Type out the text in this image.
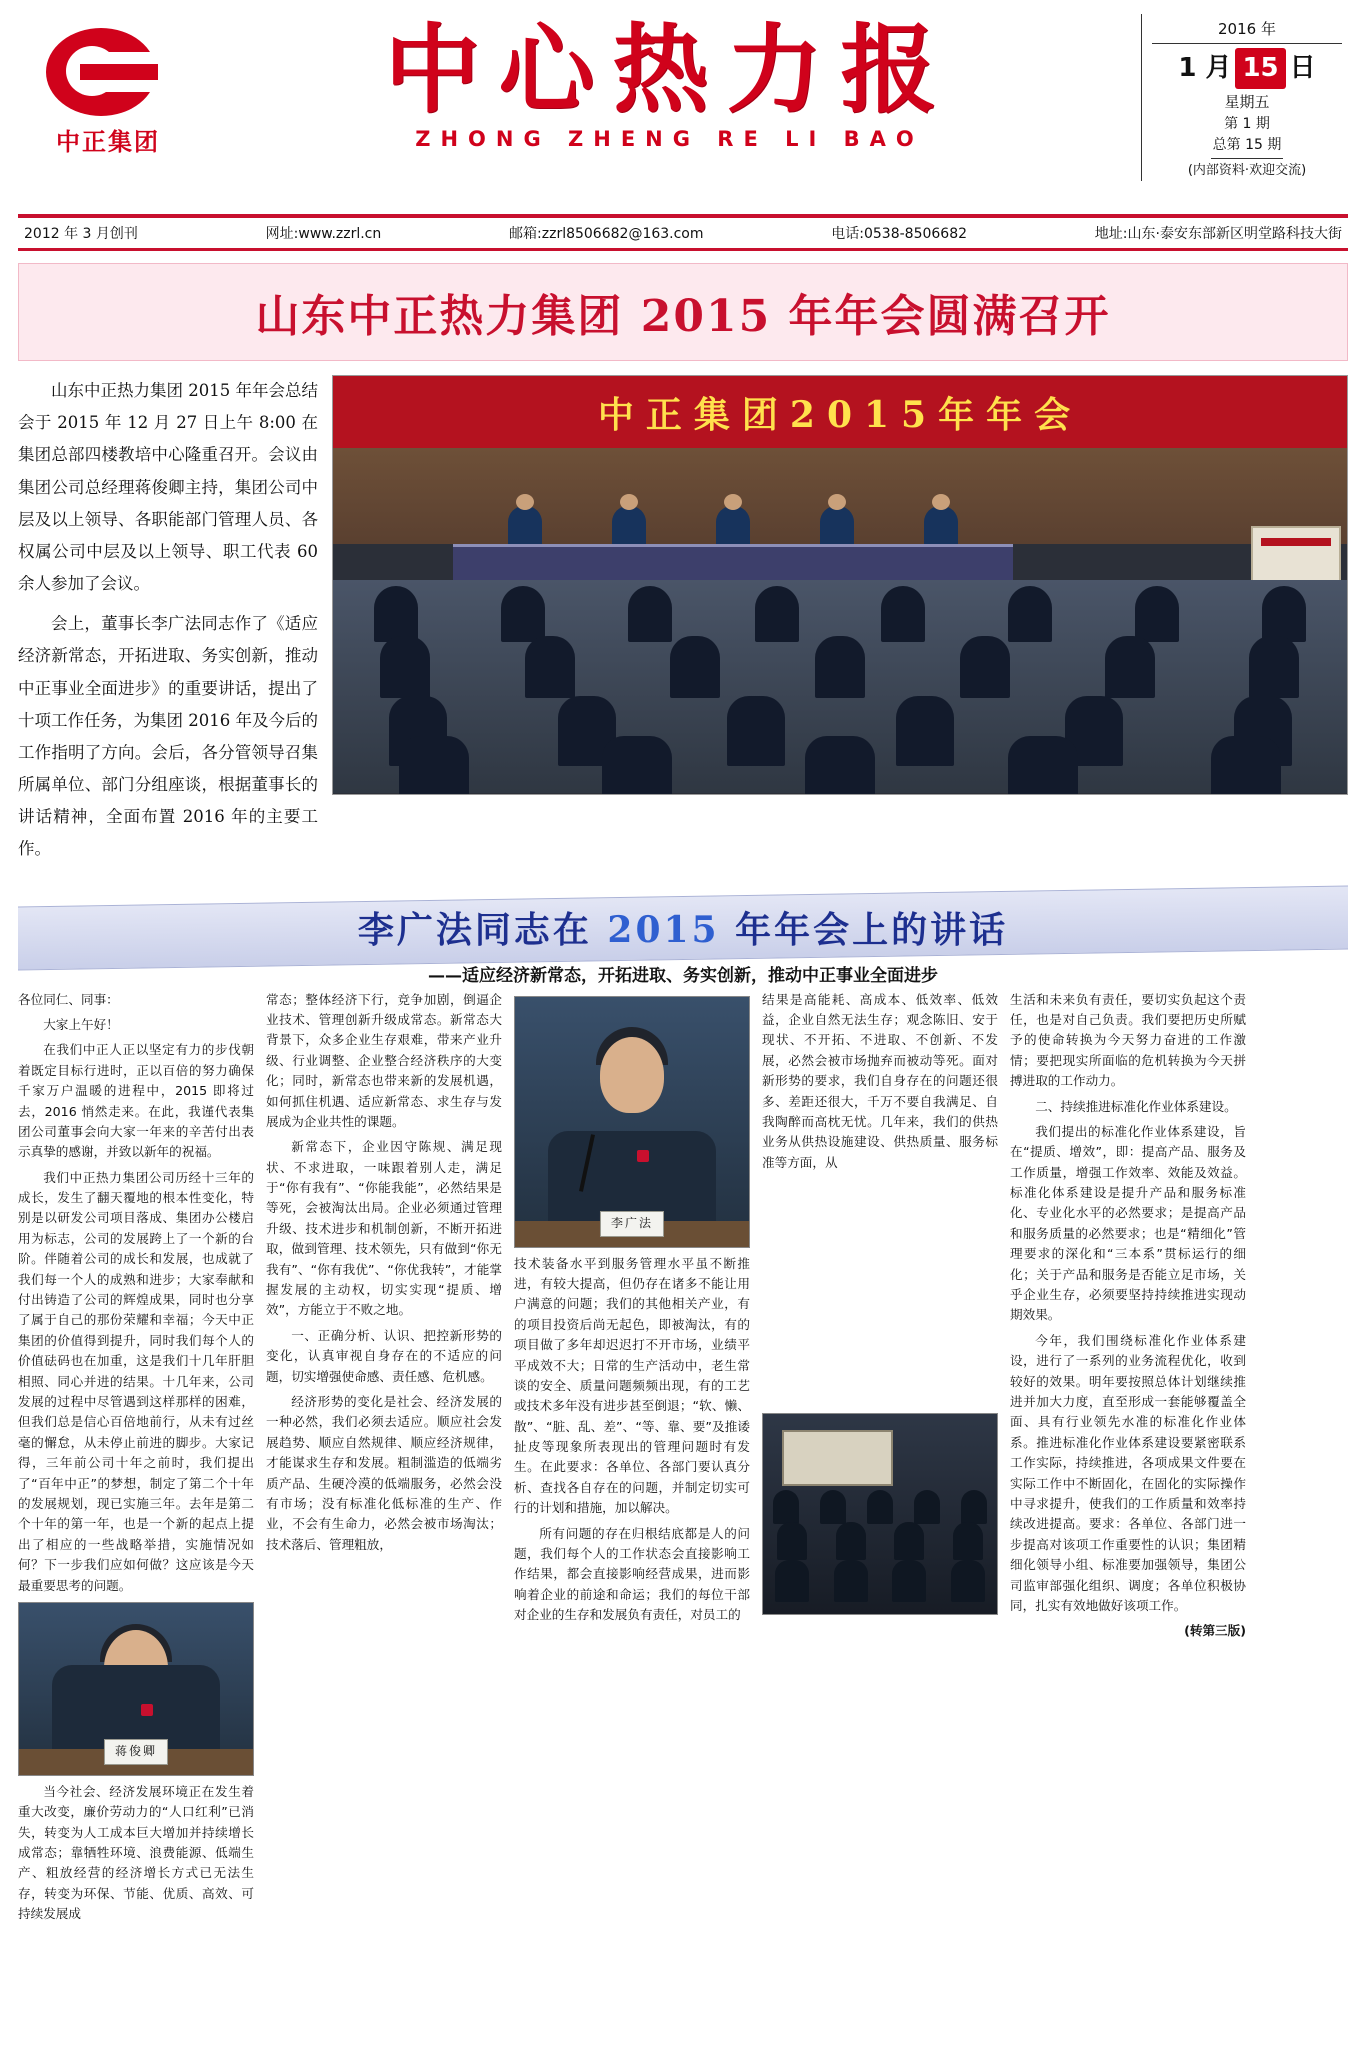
中正集团
中心热力报
ZHONG ZHENG RE LI BAO
2016 年
1 月 15 日
星期五
第 1 期
总第 15 期
(内部资料·欢迎交流)
2012 年 3 月创刊	网址:www.zzrl.cn	邮箱:zzrl8506682@163.com	电话:0538-8506682	地址:山东·泰安东部新区明堂路科技大街
山东中正热力集团 2015 年年会圆满召开

山东中正热力集团 2015 年年会总结会于 2015 年 12 月 27 日上午 8:00 在集团总部四楼教培中心隆重召开。会议由集团公司总经理蒋俊卿主持，集团公司中层及以上领导、各职能部门管理人员、各权属公司中层及以上领导、职工代表 60 余人参加了会议。

会上，董事长李广法同志作了《适应经济新常态，开拓进取、务实创新，推动中正事业全面进步》的重要讲话，提出了十项工作任务，为集团 2016 年及今后的工作指明了方向。会后，各分管领导召集所属单位、部门分组座谈，根据董事长的讲话精神，全面布置 2016 年的主要工作。

中正集团2015年年会
李广法同志在 2015 年年会上的讲话
——适应经济新常态，开拓进取、务实创新，推动中正事业全面进步

各位同仁、同事：

大家上午好！

在我们中正人正以坚定有力的步伐朝着既定目标行进时，正以百倍的努力确保千家万户温暖的进程中，2015 即将过去，2016 悄然走来。在此，我谨代表集团公司董事会向大家一年来的辛苦付出表示真挚的感谢，并致以新年的祝福。

我们中正热力集团公司历经十三年的成长，发生了翻天覆地的根本性变化，特别是以研发公司项目落成、集团办公楼启用为标志，公司的发展跨上了一个新的台阶。伴随着公司的成长和发展，也成就了我们每一个人的成熟和进步；大家奉献和付出铸造了公司的辉煌成果，同时也分享了属于自己的那份荣耀和幸福；今天中正集团的价值得到提升，同时我们每个人的价值砝码也在加重，这是我们十几年肝胆相照、同心并进的结果。十几年来，公司发展的过程中尽管遇到这样那样的困难，但我们总是信心百倍地前行，从未有过丝毫的懈怠，从未停止前进的脚步。大家记得，三年前公司十年之前时，我们提出了“百年中正”的梦想，制定了第二个十年的发展规划，现已实施三年。去年是第二个十年的第一年，也是一个新的起点上提出了相应的一些战略举措，实施情况如何？下一步我们应如何做？这应该是今天最重要思考的问题。

蒋俊卿

当今社会、经济发展环境正在发生着重大改变，廉价劳动力的“人口红利”已消失，转变为人工成本巨大增加并持续增长成常态；靠牺牲环境、浪费能源、低端生产、粗放经营的经济增长方式已无法生存，转变为环保、节能、优质、高效、可持续发展成

常态；整体经济下行，竞争加剧，倒逼企业技术、管理创新升级成常态。新常态大背景下，众多企业生存艰难，带来产业升级、行业调整、企业整合经济秩序的大变化；同时，新常态也带来新的发展机遇，如何抓住机遇、适应新常态、求生存与发展成为企业共性的课题。

新常态下，企业因守陈规、满足现状、不求进取，一味跟着别人走，满足于“你有我有”、“你能我能”，必然结果是等死，会被淘汰出局。企业必须通过管理升级、技术进步和机制创新，不断开拓进取，做到管理、技术领先，只有做到“你无我有”、“你有我优”、“你优我转”，才能掌握发展的主动权，切实实现“提质、增效”，方能立于不败之地。

一、正确分析、认识、把控新形势的变化，认真审视自身存在的不适应的问题，切实增强使命感、责任感、危机感。

经济形势的变化是社会、经济发展的一种必然，我们必须去适应。顺应社会发展趋势、顺应自然规律、顺应经济规律，才能谋求生存和发展。粗制滥造的低端劣质产品、生硬冷漠的低端服务，必然会没有市场；没有标准化低标准的生产、作业，不会有生命力，必然会被市场淘汰；技术落后、管理粗放，

李广法

技术装备水平到服务管理水平虽不断推进，有较大提高，但仍存在诸多不能让用户满意的问题；我们的其他相关产业，有的项目投资后尚无起色，即被淘汰，有的项目做了多年却迟迟打不开市场，业绩平平成效不大；日常的生产活动中，老生常谈的安全、质量问题频频出现，有的工艺或技术多年没有进步甚至倒退；“软、懒、散”、“脏、乱、差”、“等、靠、要”及推诿扯皮等现象所表现出的管理问题时有发生。在此要求：各单位、各部门要认真分析、查找各自存在的问题，并制定切实可行的计划和措施，加以解决。

所有问题的存在归根结底都是人的问题，我们每个人的工作状态会直接影响工作结果，都会直接影响经营成果，进而影响着企业的前途和命运；我们的每位干部对企业的生存和发展负有责任，对员工的

结果是高能耗、高成本、低效率、低效益，企业自然无法生存；观念陈旧、安于现状、不开拓、不进取、不创新、不发展，必然会被市场抛弃而被动等死。面对新形势的要求，我们自身存在的问题还很多、差距还很大，千万不要自我满足、自我陶醉而高枕无忧。几年来，我们的供热业务从供热设施建设、供热质量、服务标准等方面，从

生活和未来负有责任，要切实负起这个责任，也是对自己负责。我们要把历史所赋予的使命转换为今天努力奋进的工作激情；要把现实所面临的危机转换为今天拼搏进取的工作动力。

二、持续推进标准化作业体系建设。

我们提出的标准化作业体系建设，旨在“提质、增效”，即：提高产品、服务及工作质量，增强工作效率、效能及效益。标准化体系建设是提升产品和服务标准化、专业化水平的必然要求；是提高产品和服务质量的必然要求；也是“精细化”管理要求的深化和“三本系”贯标运行的细化；关于产品和服务是否能立足市场，关乎企业生存，必须要坚持持续推进实现动期效果。

今年，我们围绕标准化作业体系建设，进行了一系列的业务流程优化，收到较好的效果。明年要按照总体计划继续推进并加大力度，直至形成一套能够覆盖全面、具有行业领先水准的标准化作业体系。推进标准化作业体系建设要紧密联系工作实际，持续推进，各项成果文件要在实际工作中不断固化，在固化的实际操作中寻求提升，使我们的工作质量和效率持续改进提高。要求：各单位、各部门进一步提高对该项工作重要性的认识；集团精细化领导小组、标准要加强领导，集团公司监审部强化组织、调度；各单位积极协同，扎实有效地做好该项工作。

(转第三版)
